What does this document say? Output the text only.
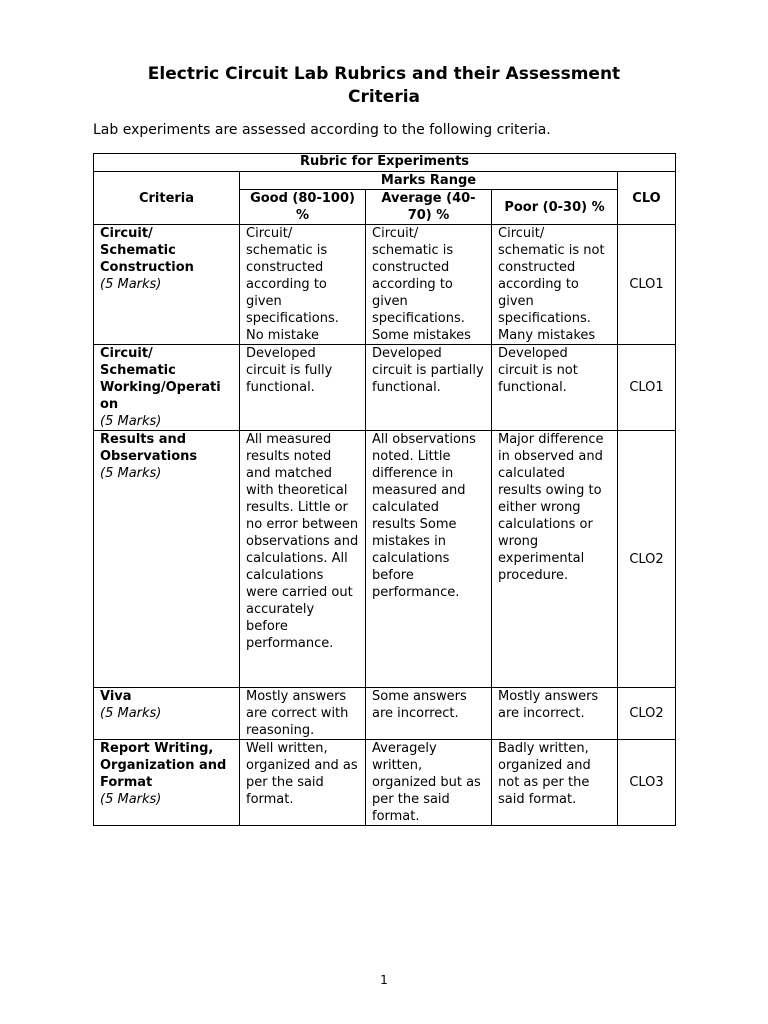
Electric Circuit Lab Rubrics and their Assessment
Criteria

Lab experiments are assessed according to the following criteria.

Rubric for Experiments				
Criteria	Marks Range			CLO
	Good (80-100) %	Average (40-70) %	Poor (0-30) %	

Circuit/ Schematic Construction
(5 Marks)	Circuit/ schematic is constructed according to given specifications. No mistake	Circuit/ schematic is constructed according to given specifications. Some mistakes	Circuit/ schematic is not constructed according to given specifications. Many mistakes	CLO1

Circuit/ Schematic Working/Operati on
(5 Marks)	Developed circuit is fully functional.	Developed circuit is partially functional.	Developed circuit is not functional.	CLO1

Results and Observations
(5 Marks)	All measured results noted and matched with theoretical results. Little or no error between observations and calculations. All calculations were carried out accurately before performance.	All observations noted. Little difference in measured and calculated results Some mistakes in calculations before performance.	Major difference in observed and calculated results owing to either wrong calculations or wrong experimental procedure.	CLO2

Viva
(5 Marks)	Mostly answers are correct with reasoning.	Some answers are incorrect.	Mostly answers are incorrect.	CLO2

Report Writing, Organization and Format
(5 Marks)	Well written, organized and as per the said format.	Averagely written, organized but as per the said format.	Badly written, organized and not as per the said format.	CLO3
1
